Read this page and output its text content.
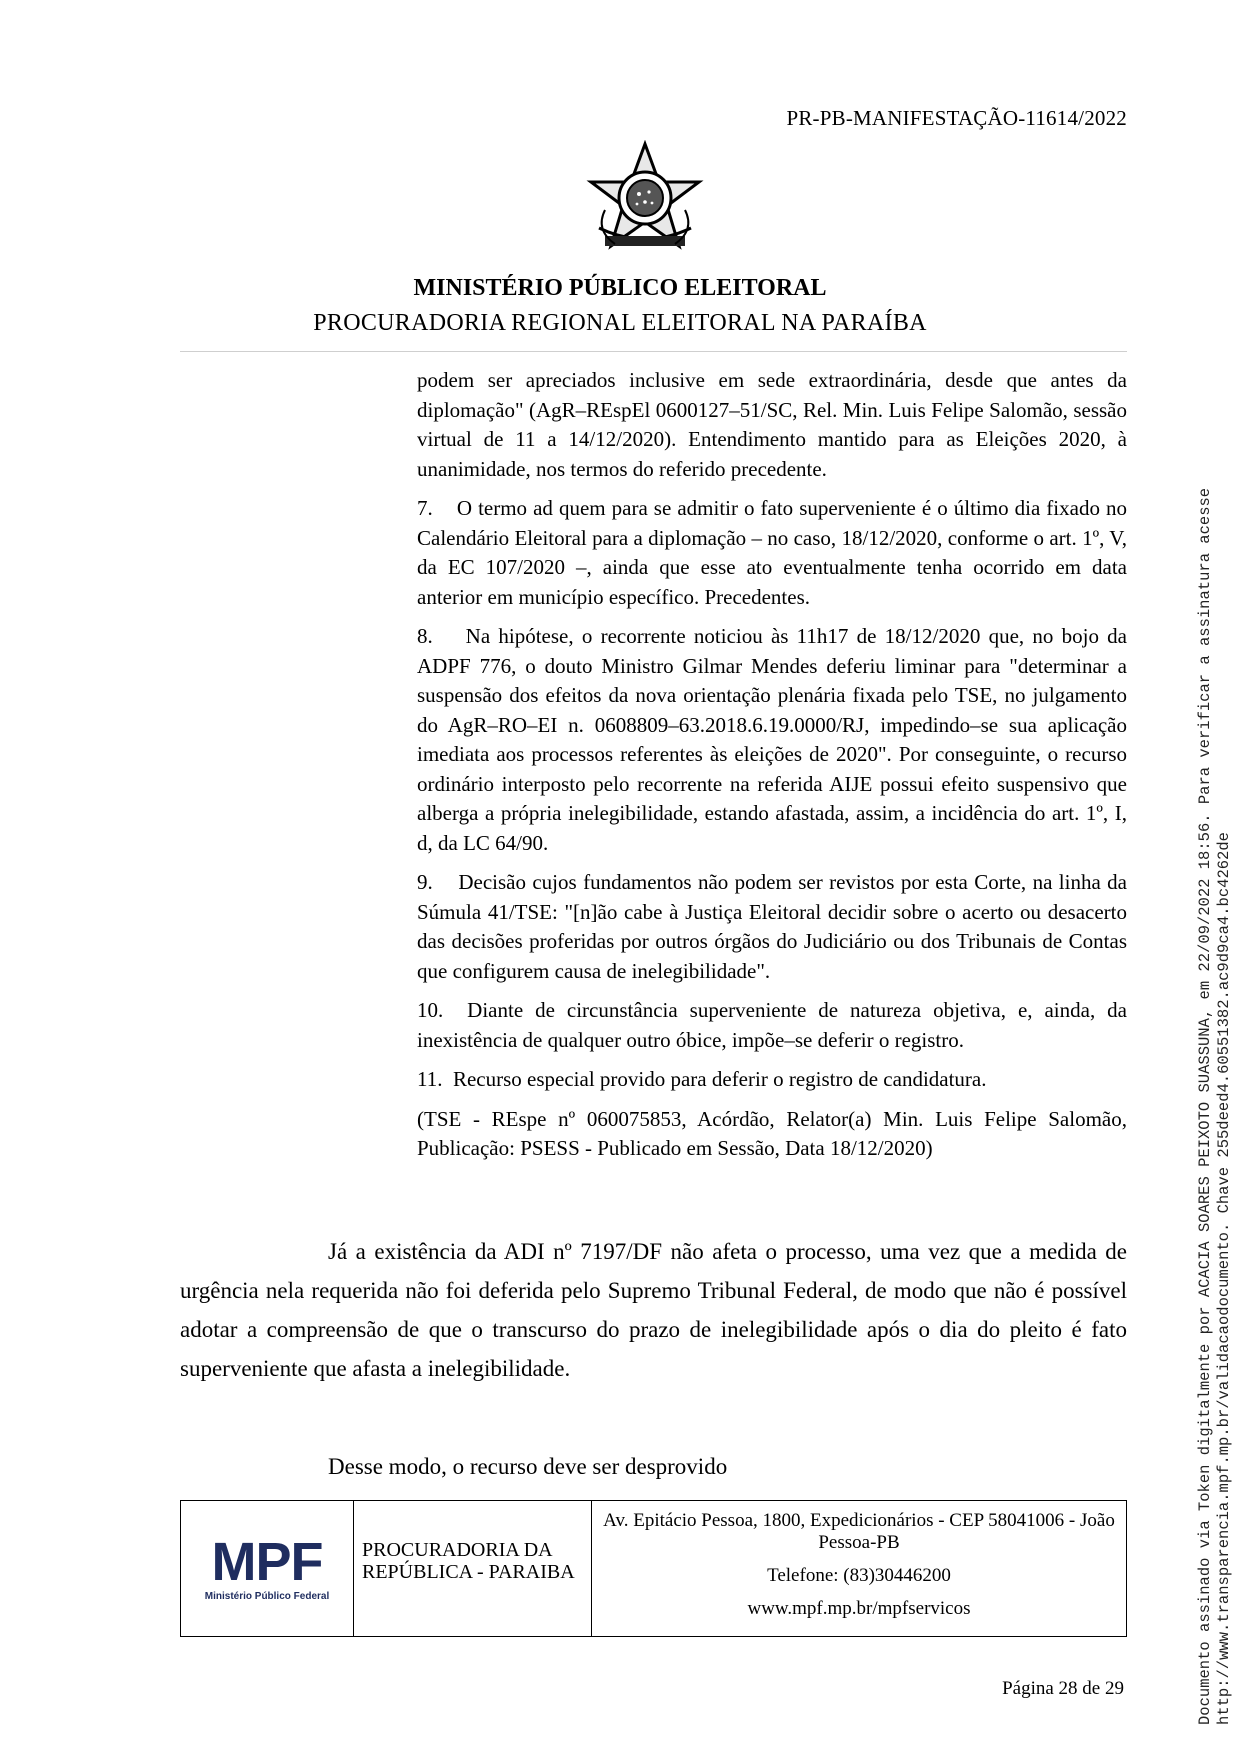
PR-PB-MANIFESTAÇÃO-11614/2022
MINISTÉRIO PÚBLICO ELEITORAL
PROCURADORIA REGIONAL ELEITORAL NA PARAÍBA

podem ser apreciados inclusive em sede extraordinária, desde que antes da diplomação" (AgR–REspEl 0600127–51/SC, Rel. Min. Luis Felipe Salomão, sessão virtual de 11 a 14/12/2020). Entendimento mantido para as Eleições 2020, à unanimidade, nos termos do referido precedente.

7.    O termo ad quem para se admitir o fato superveniente é o último dia fixado no Calendário Eleitoral para a diplomação – no caso, 18/12/2020, conforme o art. 1º, V, da EC 107/2020 –, ainda que esse ato eventualmente tenha ocorrido em data anterior em município específico. Precedentes.

8.    Na hipótese, o recorrente noticiou às 11h17 de 18/12/2020 que, no bojo da ADPF 776, o douto Ministro Gilmar Mendes deferiu liminar para "determinar a suspensão dos efeitos da nova orientação plenária fixada pelo TSE, no julgamento do AgR–RO–EI n. 0608809–63.2018.6.19.0000/RJ, impedindo–se sua aplicação imediata aos processos referentes às eleições de 2020". Por conseguinte, o recurso ordinário interposto pelo recorrente na referida AIJE possui efeito suspensivo que alberga a própria inelegibilidade, estando afastada, assim, a incidência do art. 1º, I, d, da LC 64/90.

9.    Decisão cujos fundamentos não podem ser revistos por esta Corte, na linha da Súmula 41/TSE: "[n]ão cabe à Justiça Eleitoral decidir sobre o acerto ou desacerto das decisões proferidas por outros órgãos do Judiciário ou dos Tribunais de Contas que configurem causa de inelegibilidade".

10.  Diante de circunstância superveniente de natureza objetiva, e, ainda, da inexistência de qualquer outro óbice, impõe–se deferir o registro.

11.  Recurso especial provido para deferir o registro de candidatura.

(TSE - REspe nº 060075853, Acórdão, Relator(a) Min. Luis Felipe Salomão, Publicação: PSESS - Publicado em Sessão, Data 18/12/2020)

Já a existência da ADI nº 7197/DF não afeta o processo, uma vez que a medida de urgência nela requerida não foi deferida pelo Supremo Tribunal Federal, de modo que não é possível adotar a compreensão de que o transcurso do prazo de inelegibilidade após o dia do pleito é fato superveniente que afasta a inelegibilidade.
Desse modo, o recurso deve ser desprovido
MPF
Ministério Público Federal
PROCURADORIA DA REPÚBLICA - PARAIBA
Av. Epitácio Pessoa, 1800, Expedicionários - CEP 58041006 - João Pessoa-PB
Telefone: (83)30446200
www.mpf.mp.br/mpfservicos
Página 28 de 29	Documento assinado via Token digitalmente por ACACIA SOARES PEIXOTO SUASSUNA, em 22/09/2022 18:56. Para verificar a assinatura acesse http://www.transparencia.mpf.mp.br/validacaodocumento. Chave 255deed4.60551382.ac9d9ca4.bc4262de
